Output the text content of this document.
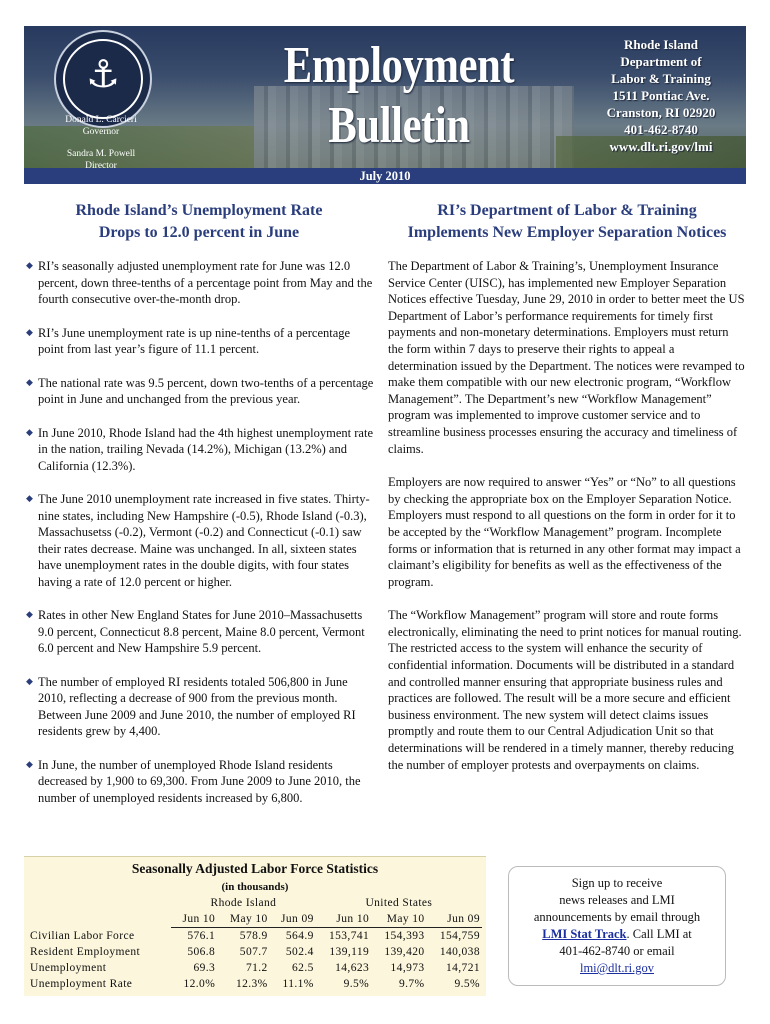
⚓
Donald L. Carcieri
Governor
Sandra M. Powell
Director
Employment
Bulletin
Rhode Island
Department of
Labor & Training
1511 Pontiac Ave.
Cranston, RI 02920
401-462-8740
www.dlt.ri.gov/lmi
July 2010
Rhode Island’s Unemployment Rate
Drops to 12.0 percent in June
◆ RI’s seasonally adjusted unemployment rate for June was 12.0 percent, down three-tenths of a percentage point from May and the fourth consecutive over-the-month drop.
◆ RI’s June unemployment rate is up nine-tenths of a percentage point from last year’s figure of 11.1 percent.
◆ The national rate was 9.5 percent, down two-tenths of a percentage point in June and unchanged from the previous year.
◆ In June 2010, Rhode Island had the 4th highest unemployment rate in the nation, trailing Nevada (14.2%), Michigan (13.2%) and California (12.3%).
◆ The June 2010 unemployment rate increased in five states. Thirty-nine states, including New Hampshire (-0.5), Rhode Island (-0.3), Massachusetss (-0.2), Vermont (-0.2) and Connecticut (-0.1) saw their rates decrease. Maine was unchanged. In all, sixteen states have unemployment rates in the double digits, with four states having a rate of 12.0 percent or higher.
◆ Rates in other New England States for June 2010–Massachusetts 9.0 percent, Connecticut 8.8 percent, Maine 8.0 percent, Vermont 6.0 percent and New Hampshire 5.9 percent.
◆ The number of employed RI residents totaled 506,800 in June 2010, reflecting a decrease of 900 from the previous month. Between June 2009 and June 2010, the number of employed RI residents grew by 4,400.
◆ In June, the number of unemployed Rhode Island residents decreased by 1,900 to 69,300. From June 2009 to June 2010, the number of unemployed residents increased by 6,800.
RI’s Department of Labor & Training
Implements New Employer Separation Notices

The Department of Labor & Training’s, Unemployment Insurance Service Center (UISC), has implemented new Employer Separation Notices effective Tuesday, June 29, 2010 in order to better meet the US Department of Labor’s performance requirements for timely first payments and non-monetary determinations. Employers must return the form within 7 days to preserve their rights to appeal a determination issued by the Department. The notices were revamped to make them compatible with our new electronic program, “Workflow Management”. The Department’s new “Workflow Management” program was implemented to improve customer service and to streamline business processes ensuring the accuracy and timeliness of claims.

Employers are now required to answer “Yes” or “No” to all questions by checking the appropriate box on the Employer Separation Notice. Employers must respond to all questions on the form in order for it to be accepted by the “Workflow Management” program. Incomplete forms or information that is returned in any other format may impact a claimant’s eligibility for benefits as well as the effectiveness of the program.

The “Workflow Management” program will store and route forms electronically, eliminating the need to print notices for manual routing. The restricted access to the system will enhance the security of confidential information. Documents will be distributed in a standard and controlled manner ensuring that appropriate business rules and practices are followed. The result will be a more secure and efficient business environment. The new system will detect claims issues promptly and route them to our Central Adjudication Unit so that determinations will be rendered in a timely manner, thereby reducing the number of employer protests and overpayments on claims.

Seasonally Adjusted Labor Force Statistics
(in thousands)
	Rhode Island			United States		
	Jun 10	May 10	Jun 09	Jun 10	May 10	Jun 09
Civilian Labor Force	576.1	578.9	564.9	153,741	154,393	154,759
Resident Employment	506.8	507.7	502.4	139,119	139,420	140,038
Unemployment	69.3	71.2	62.5	14,623	14,973	14,721
Unemployment Rate	12.0%	12.3%	11.1%	9.5%	9.7%	9.5%
Sign up to receive
news releases and LMI
announcements by email through
LMI Stat Track. Call LMI at
401-462-8740 or email
lmi@dlt.ri.gov
